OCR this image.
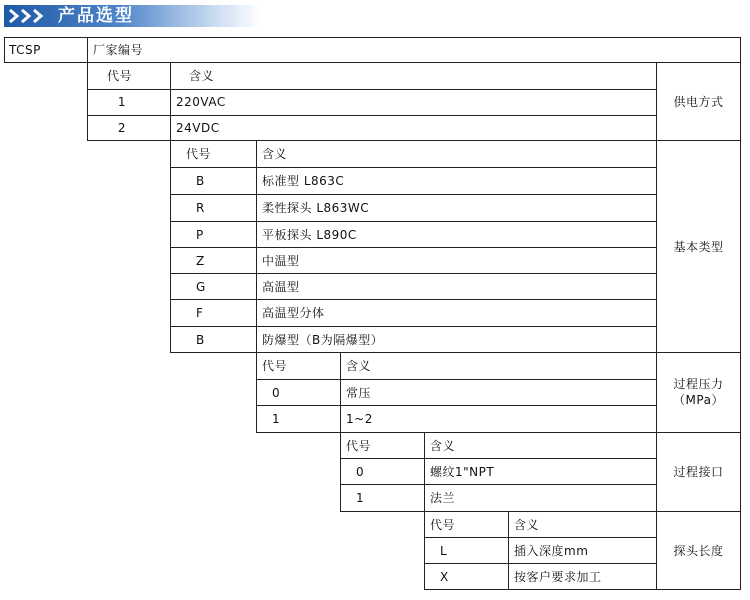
产品选型
TCSP	厂家编号
代号	含义
1	220VAC
2	24VDC
供电方式
代号	含义
B	标准型 L863C
R	柔性探头 L863WC
P	平板探头 L890C
Z	中温型
G	高温型
F	高温型分体
B	防爆型（B为隔爆型）
基本类型
代号	含义
0	常压
1	1~2
过程压力
（MPa）
代号	含义
0	螺纹1"NPT
1	法兰
过程接口
代号	含义
L	插入深度mm
X	按客户要求加工
探头长度
